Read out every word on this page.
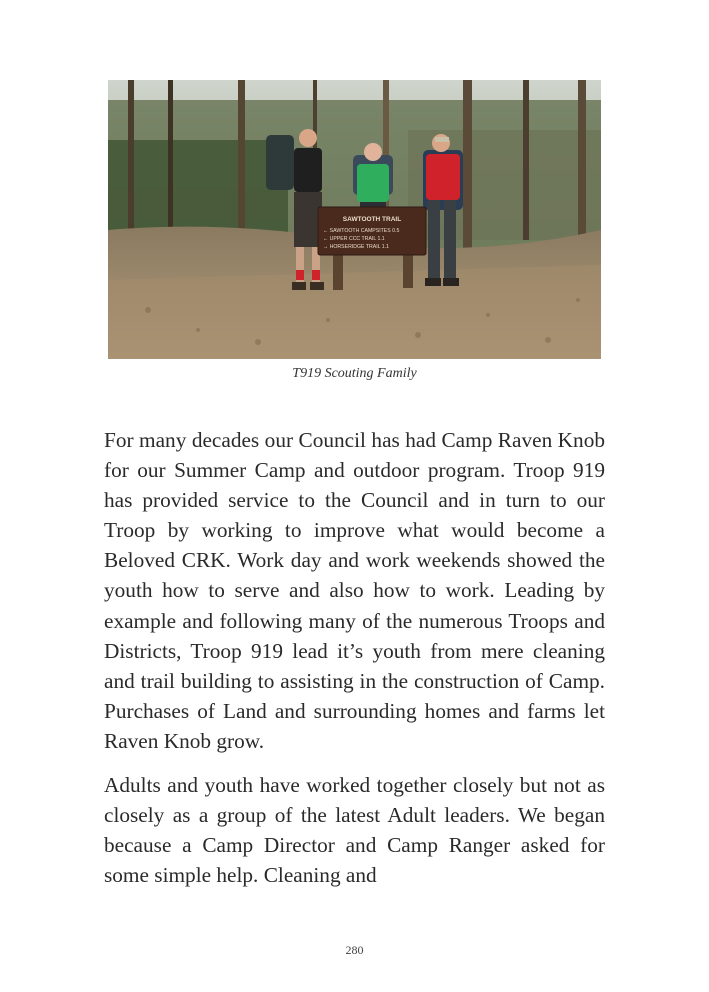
SAWTOOTH TRAIL
← SAWTOOTH CAMPSITES 0.5
← UPPER CCC TRAIL 1.1
→ HORSERIDGE TRAIL 1.1
T919 Scouting Family

For many decades our Council has had Camp Raven Knob for our Summer Camp and outdoor program. Troop 919 has provided service to the Council and in turn to our Troop by working to improve what would become a Beloved CRK. Work day and work weekends showed the youth how to serve and also how to work. Leading by example and following many of the numerous Troops and Districts, Troop 919 lead it’s youth from mere cleaning and trail building to assisting in the construction of Camp. Purchases of Land and surrounding homes and farms let Raven Knob grow.

Adults and youth have worked together closely but not as closely as a group of the latest Adult leaders. We began because a Camp Director and Camp Ranger asked for some simple help. Cleaning and

280
